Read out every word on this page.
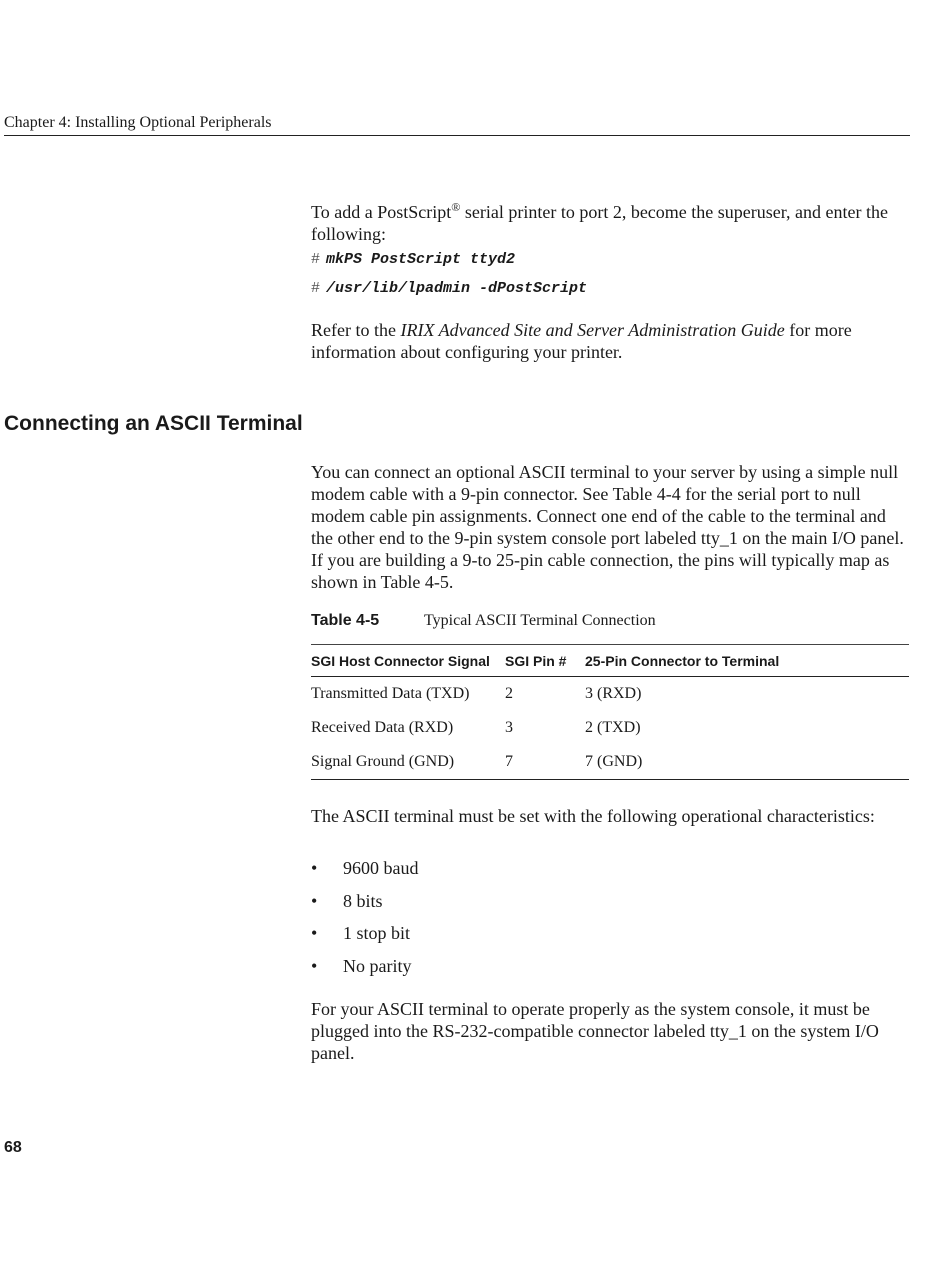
Chapter 4: Installing Optional Peripherals
To add a PostScript® serial printer to port 2, become the superuser, and enter the following:
# mkPS PostScript ttyd2
# /usr/lib/lpadmin -dPostScript
Refer to the IRIX Advanced Site and Server Administration Guide for more information about configuring your printer.
Connecting an ASCII Terminal
You can connect an optional ASCII terminal to your server by using a simple null modem cable with a 9-pin connector. See Table 4-4 for the serial port to null modem cable pin assignments. Connect one end of the cable to the terminal and the other end to the 9-pin system console port labeled tty_1 on the main I/O panel. If you are building a 9-to 25-pin cable connection, the pins will typically map as shown in Table 4-5.
Table 4-5	Typical ASCII Terminal Connection
SGI Host Connector Signal	SGI Pin #	25-Pin Connector to Terminal
Transmitted Data (TXD)	2	3 (RXD)
Received Data (RXD)	3	2 (TXD)
Signal Ground (GND)	7	7 (GND)
The ASCII terminal must be set with the following operational characteristics:
• 9600 baud
• 8 bits
• 1 stop bit
• No parity
For your ASCII terminal to operate properly as the system console, it must be plugged into the RS-232-compatible connector labeled tty_1 on the system I/O panel.
68
